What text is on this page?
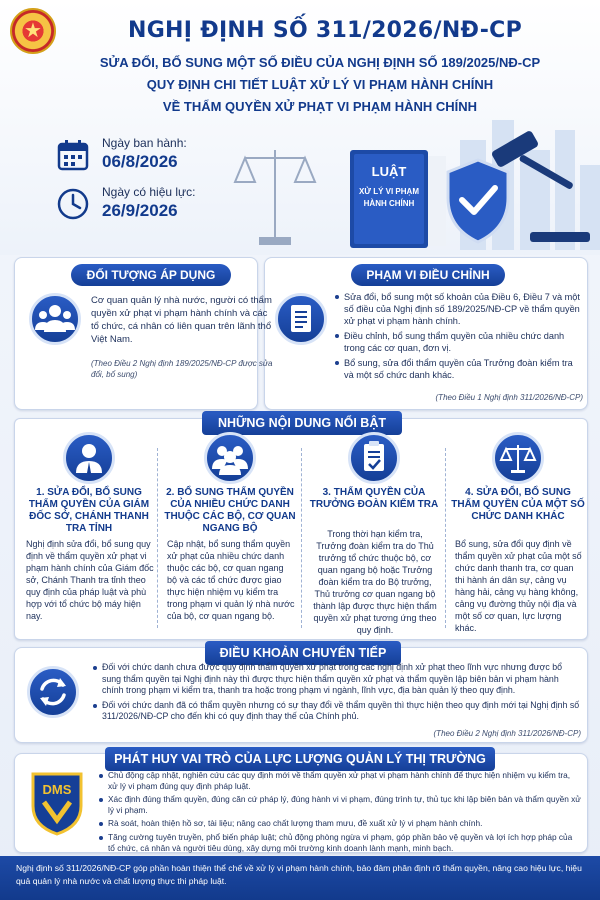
★	NGHỊ ĐỊNH SỐ 311/2026/NĐ-CP
SỬA ĐỔI, BỔ SUNG MỘT SỐ ĐIỀU CỦA NGHỊ ĐỊNH SỐ 189/2025/NĐ-CP
QUY ĐỊNH CHI TIẾT LUẬT XỬ LÝ VI PHẠM HÀNH CHÍNH
VỀ THẨM QUYỀN XỬ PHẠT VI PHẠM HÀNH CHÍNH
Ngày ban hành:
06/8/2026
Ngày có hiệu lực:
26/9/2026
LUẬT
XỬ LÝ VI PHẠM
HÀNH CHÍNH
ĐỐI TƯỢNG ÁP DỤNG
Cơ quan quản lý nhà nước, người có thẩm quyền xử phạt vi phạm hành chính và các tổ chức, cá nhân có liên quan trên lãnh thổ Việt Nam.
(Theo Điều 2 Nghị định 189/2025/NĐ-CP được sửa đổi, bổ sung)
PHẠM VI ĐIỀU CHỈNH
Sửa đổi, bổ sung một số khoản của Điều 6, Điều 7 và một số điều của Nghị định số 189/2025/NĐ-CP về thẩm quyền xử phạt vi phạm hành chính.
Điều chỉnh, bổ sung thẩm quyền của nhiều chức danh trong các cơ quan, đơn vị.
Bổ sung, sửa đổi thẩm quyền của Trưởng đoàn kiểm tra và một số chức danh khác.
(Theo Điều 1 Nghị định 311/2026/NĐ-CP)
NHỮNG NỘI DUNG NỔI BẬT
1. SỬA ĐỔI, BỔ SUNG THẨM QUYỀN CỦA GIÁM ĐỐC SỞ, CHÁNH THANH TRA TỈNH
Nghị định sửa đổi, bổ sung quy định về thẩm quyền xử phạt vi phạm hành chính của Giám đốc sở, Chánh Thanh tra tỉnh theo quy định của pháp luật và phù hợp với tổ chức bộ máy hiện nay.
2. BỔ SUNG THẨM QUYỀN CỦA NHIỀU CHỨC DANH THUỘC CÁC BỘ, CƠ QUAN NGANG BỘ
Cập nhật, bổ sung thẩm quyền xử phạt của nhiều chức danh thuộc các bộ, cơ quan ngang bộ và các tổ chức được giao thực hiện nhiệm vụ kiểm tra trong phạm vi quản lý nhà nước của bộ, cơ quan ngang bộ.
3. THẨM QUYỀN CỦA TRƯỞNG ĐOÀN KIỂM TRA
Trong thời hạn kiểm tra, Trưởng đoàn kiểm tra do Thủ trưởng tổ chức thuộc bộ, cơ quan ngang bộ hoặc Trưởng đoàn kiểm tra do Bộ trưởng, Thủ trưởng cơ quan ngang bộ thành lập được thực hiện thẩm quyền xử phạt tương ứng theo quy định.
4. SỬA ĐỔI, BỔ SUNG THẨM QUYỀN CỦA MỘT SỐ CHỨC DANH KHÁC
Bổ sung, sửa đổi quy định về thẩm quyền xử phạt của một số chức danh thanh tra, cơ quan thi hành án dân sự, cảng vụ hàng hải, cảng vụ hàng không, cảng vụ đường thủy nội địa và một số cơ quan, lực lượng khác.
ĐIỀU KHOẢN CHUYỂN TIẾP
Đối với chức danh chưa được quy định thẩm quyền xử phạt trong các nghị định xử phạt theo lĩnh vực nhưng được bổ sung thẩm quyền tại Nghị định này thì được thực hiện thẩm quyền xử phạt và thẩm quyền lập biên bản vi phạm hành chính trong phạm vi kiểm tra, thanh tra hoặc trong phạm vi ngành, lĩnh vực, địa bàn quản lý theo quy định.
Đối với chức danh đã có thẩm quyền nhưng có sự thay đổi về thẩm quyền thì thực hiện theo quy định mới tại Nghị định số 311/2026/NĐ-CP cho đến khi có quy định thay thế của Chính phủ.
(Theo Điều 2 Nghị định 311/2026/NĐ-CP)
PHÁT HUY VAI TRÒ CỦA LỰC LƯỢNG QUẢN LÝ THỊ TRƯỜNG
DMS
Chủ động cập nhật, nghiên cứu các quy định mới về thẩm quyền xử phạt vi phạm hành chính để thực hiện nhiệm vụ kiểm tra, xử lý vi phạm đúng quy định pháp luật.
Xác định đúng thẩm quyền, đúng căn cứ pháp lý, đúng hành vi vi phạm, đúng trình tự, thủ tục khi lập biên bản và thẩm quyền xử lý vi phạm.
Rà soát, hoàn thiện hồ sơ, tài liệu; nâng cao chất lượng tham mưu, đề xuất xử lý vi phạm hành chính.
Tăng cường tuyên truyền, phổ biến pháp luật; chủ động phòng ngừa vi phạm, góp phần bảo vệ quyền và lợi ích hợp pháp của tổ chức, cá nhân và người tiêu dùng, xây dựng môi trường kinh doanh lành mạnh, minh bạch.
Nghị định số 311/2026/NĐ-CP góp phần hoàn thiện thể chế về xử lý vi phạm hành chính, bảo đảm phân định rõ thẩm quyền, nâng cao hiệu lực, hiệu quả quản lý nhà nước và chất lượng thực thi pháp luật.
